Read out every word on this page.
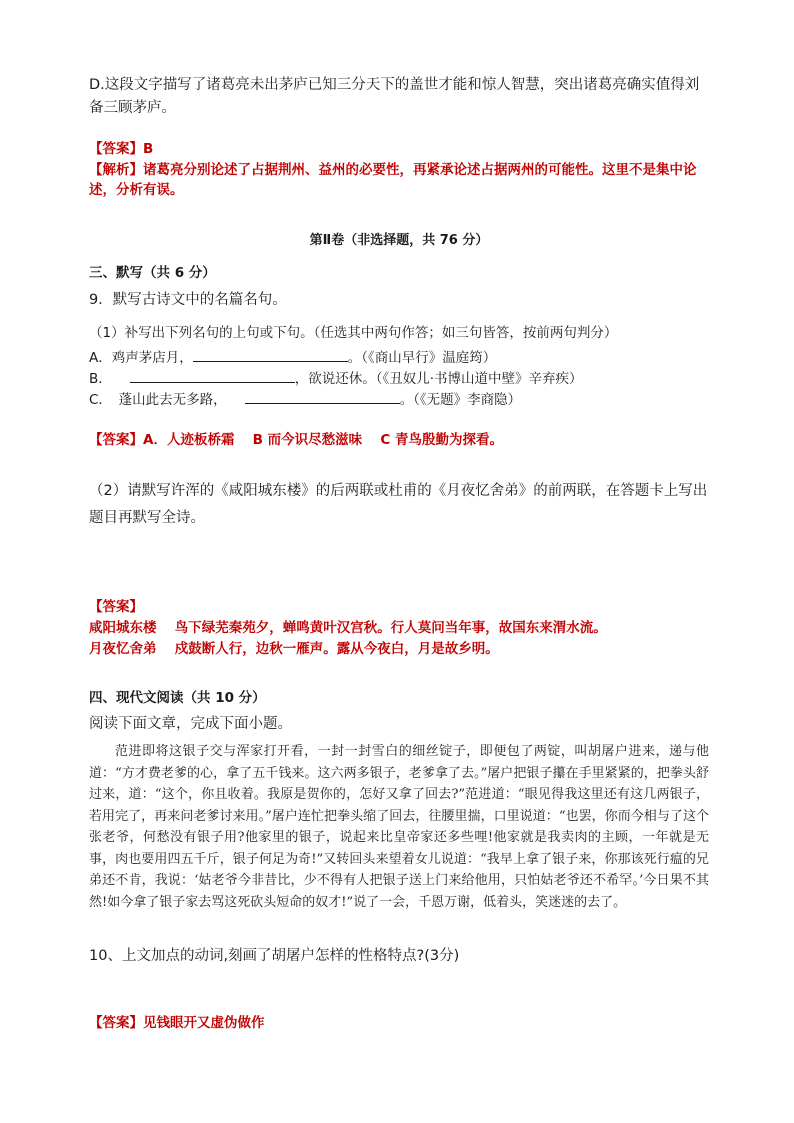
D.这段文字描写了诸葛亮未出茅庐已知三分天下的盖世才能和惊人智慧，突出诸葛亮确实值得刘备三顾茅庐。
【答案】B
【解析】诸葛亮分别论述了占据荆州、益州的必要性，再紧承论述占据两州的可能性。这里不是集中论述，分析有误。
第Ⅱ卷（非选择题，共 76 分）
三、默写（共 6 分）
9．默写古诗文中的名篇名句。
（1）补写出下列名句的上句或下句。（任选其中两句作答；如三句皆答，按前两句判分）
A．鸡声茅店月，	。（《商山早行》温庭筠）
B．	，欲说还休。（《丑奴儿·书博山道中壁》辛弃疾）
C．　蓬山此去无多路，	。（《无题》李商隐）
【答案】A．人迹板桥霜　 B 而今识尽愁滋味　 C 青鸟殷勤为探看。
（2）请默写许浑的《咸阳城东楼》的后两联或杜甫的《月夜忆舍弟》的前两联，在答题卡上写出题目再默写全诗。
【答案】
咸阳城东楼　 鸟下绿芜秦苑夕，蝉鸣黄叶汉宫秋。行人莫问当年事，故国东来渭水流。
月夜忆舍弟　 戍鼓断人行，边秋一雁声。露从今夜白，月是故乡明。
四、现代文阅读（共 10 分）
阅读下面文章，完成下面小题。
范进即将这银子交与浑家打开看，一封一封雪白的细丝锭子，即便包了两锭，叫胡屠户进来，递与他道：“方才费老爹的心，拿了五千钱来。这六两多银子，老爹拿了去。”屠户把银子攥在手里紧紧的，把拳头舒过来，道：“这个，你且收着。我原是贺你的，怎好又拿了回去?”范进道：“眼见得我这里还有这几两银子，若用完了，再来问老爹讨来用。”屠户连忙把拳头缩了回去，往腰里揣，口里说道：“也罢，你而今相与了这个张老爷，何愁没有银子用?他家里的银子，说起来比皇帝家还多些哩!他家就是我卖肉的主顾，一年就是无事，肉也要用四五千斤，银子何足为奇!”又转回头来望着女儿说道：“我早上拿了银子来，你那该死行瘟的兄弟还不肯，我说：‘姑老爷今非昔比，少不得有人把银子送上门来给他用，只怕姑老爷还不希罕。’今日果不其然!如今拿了银子家去骂这死砍头短命的奴才!”说了一会，千恩万谢，低着头，笑迷迷的去了。
10、上文加点的动词,刻画了胡屠户怎样的性格特点?(3分)
【答案】见钱眼开又虚伪做作
